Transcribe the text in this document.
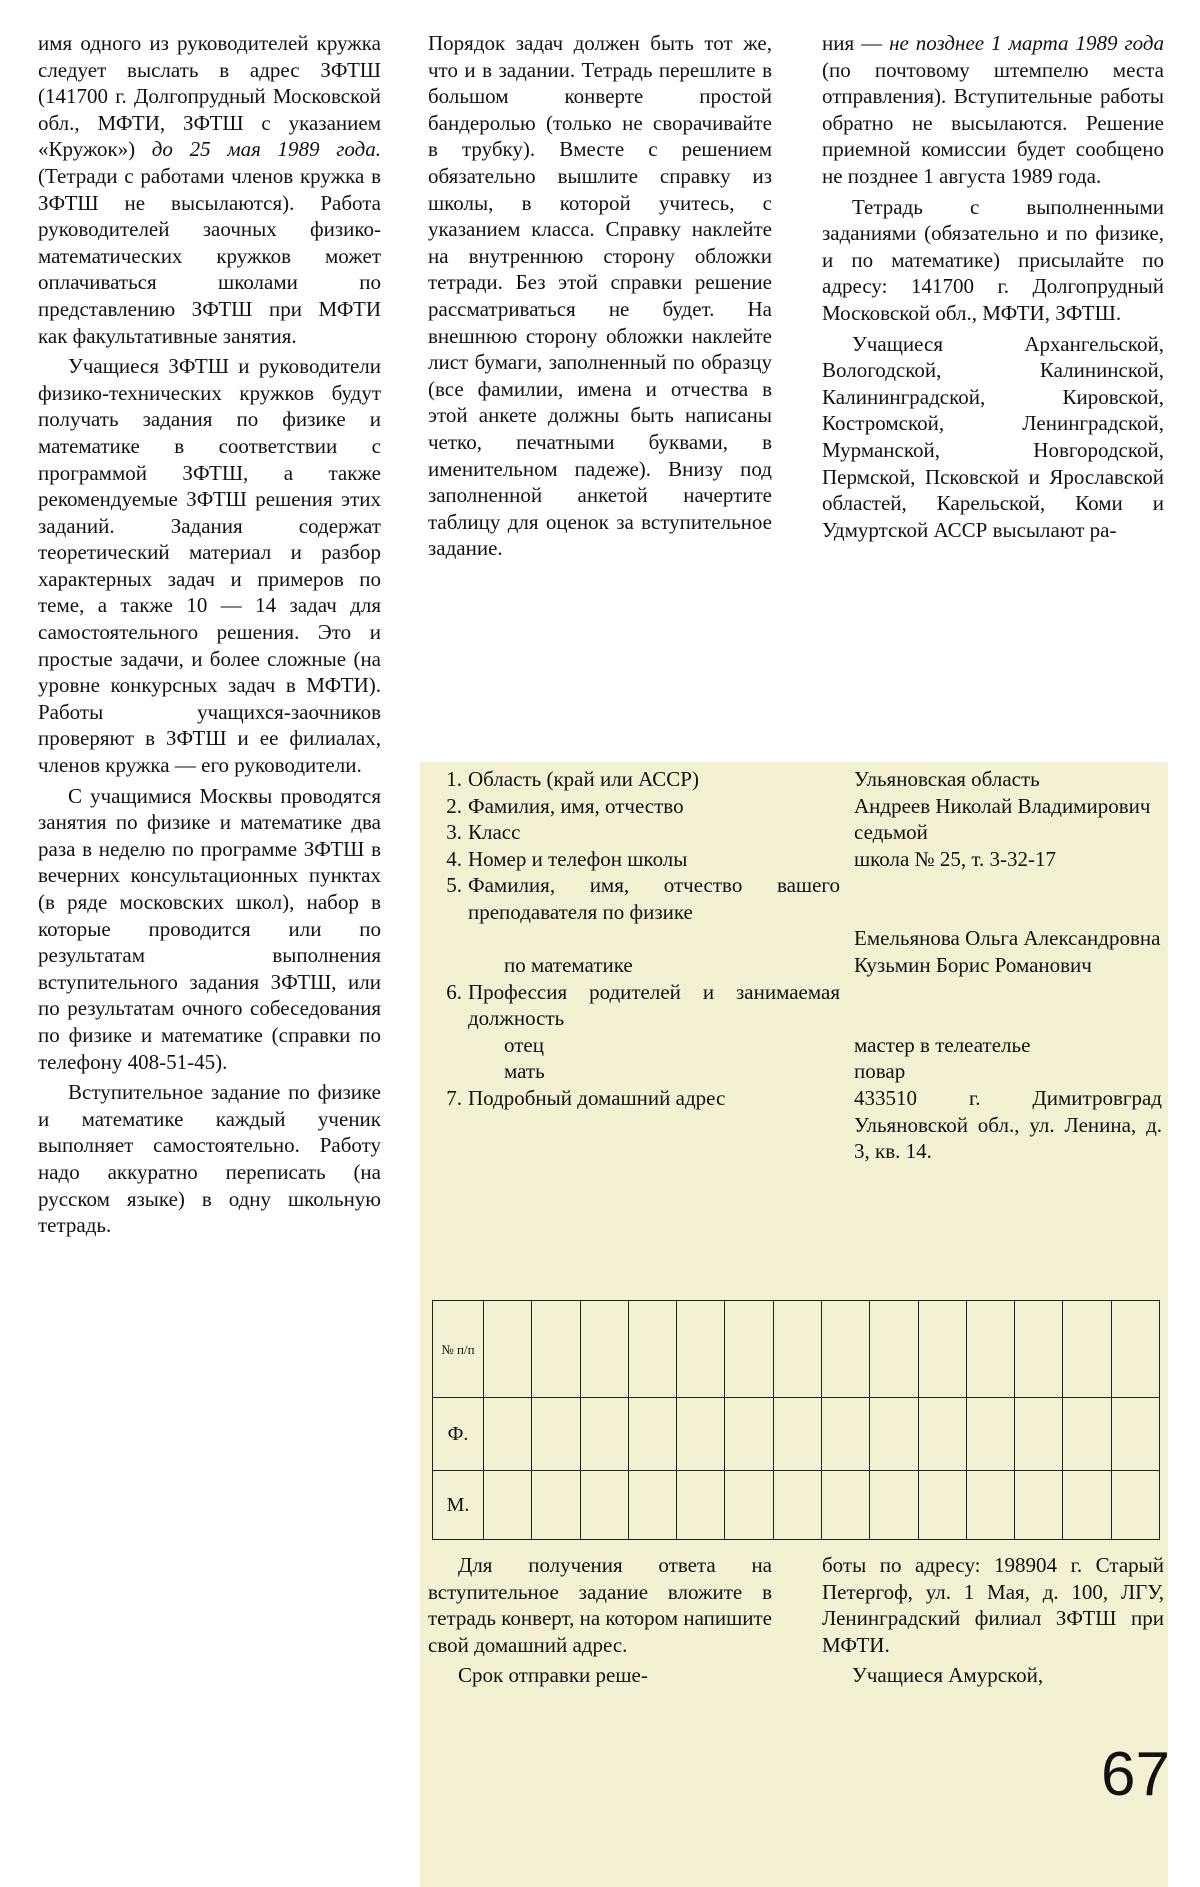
имя одного из руководителей кружка следует выслать в адрес ЗФТШ (141700 г. Долгопрудный Московской обл., МФТИ, ЗФТШ с указанием «Кружок») до 25 мая 1989 года. (Тетради с работами членов кружка в ЗФТШ не высылаются). Работа руководителей заочных физико-математических кружков может оплачиваться школами по представлению ЗФТШ при МФТИ как факультативные занятия.

Учащиеся ЗФТШ и руководители физико-технических кружков будут получать задания по физике и математике в соответствии с программой ЗФТШ, а также рекомендуемые ЗФТШ решения этих заданий. Задания содержат теоретический материал и разбор характерных задач и примеров по теме, а также 10 — 14 задач для самостоятельного решения. Это и простые задачи, и более сложные (на уровне конкурсных задач в МФТИ). Работы учащихся-заочников проверяют в ЗФТШ и ее филиалах, членов кружка — его руководители.

С учащимися Москвы проводятся занятия по физике и математике два раза в неделю по программе ЗФТШ в вечерних консультационных пунктах (в ряде московских школ), набор в которые проводится или по результатам выполнения вступительного задания ЗФТШ, или по результатам очного собеседования по физике и математике (справки по телефону 408-51-45).

Вступительное задание по физике и математике каждый ученик выполняет самостоятельно. Работу надо аккуратно переписать (на русском языке) в одну школьную тетрадь.

Порядок задач должен быть тот же, что и в задании. Тетрадь перешлите в большом конверте простой бандеролью (только не сворачивайте в трубку). Вместе с решением обязательно вышлите справку из школы, в которой учитесь, с указанием класса. Справку наклейте на внутреннюю сторону обложки тетради. Без этой справки решение рассматриваться не будет. На внешнюю сторону обложки наклейте лист бумаги, заполненный по образцу (все фамилии, имена и отчества в этой анкете должны быть написаны четко, печатными буквами, в именительном падеже). Внизу под заполненной анкетой начертите таблицу для оценок за вступительное задание.

ния — не позднее 1 марта 1989 года (по почтовому штемпелю места отправления). Вступительные работы обратно не высылаются. Решение приемной комиссии будет сообщено не позднее 1 августа 1989 года.

Тетрадь с выполненными заданиями (обязательно и по физике, и по математике) присылайте по адресу: 141700 г. Долгопрудный Московской обл., МФТИ, ЗФТШ.

Учащиеся Архангельской, Вологодской, Калининской, Калининградской, Кировской, Костромской, Ленинградской, Мурманской, Новгородской, Пермской, Псковской и Ярославской областей, Карельской, Коми и Удмуртской АССР высылают ра-

1.	Область (край или АССР)	Ульяновская область
2.	Фамилия, имя, отчество	Андреев Николай Владимирович
3.	Класс	седьмой
4.	Номер и телефон школы	школа № 25, т. 3-32-17
5.	Фамилия, имя, отчество вашего преподавателя по физике	Емельянова Ольга Александровна
	по математике	Кузьмин Борис Романович
6.	Профессия родителей и занимаемая должность	
	отец	мастер в телеателье
	мать	повар
7.	Подробный домашний адрес	433510 г. Димитровград Ульяновской обл., ул. Ленина, д. 3, кв. 14.
№ п/п														
Ф.														
М.														

Для получения ответа на вступительное задание вложите в тетрадь конверт, на котором напишите свой домашний адрес.

Срок отправки реше-

боты по адресу: 198904 г. Старый Петергоф, ул. 1 Мая, д. 100, ЛГУ, Ленинградский филиал ЗФТШ при МФТИ.

Учащиеся Амурской,

67
